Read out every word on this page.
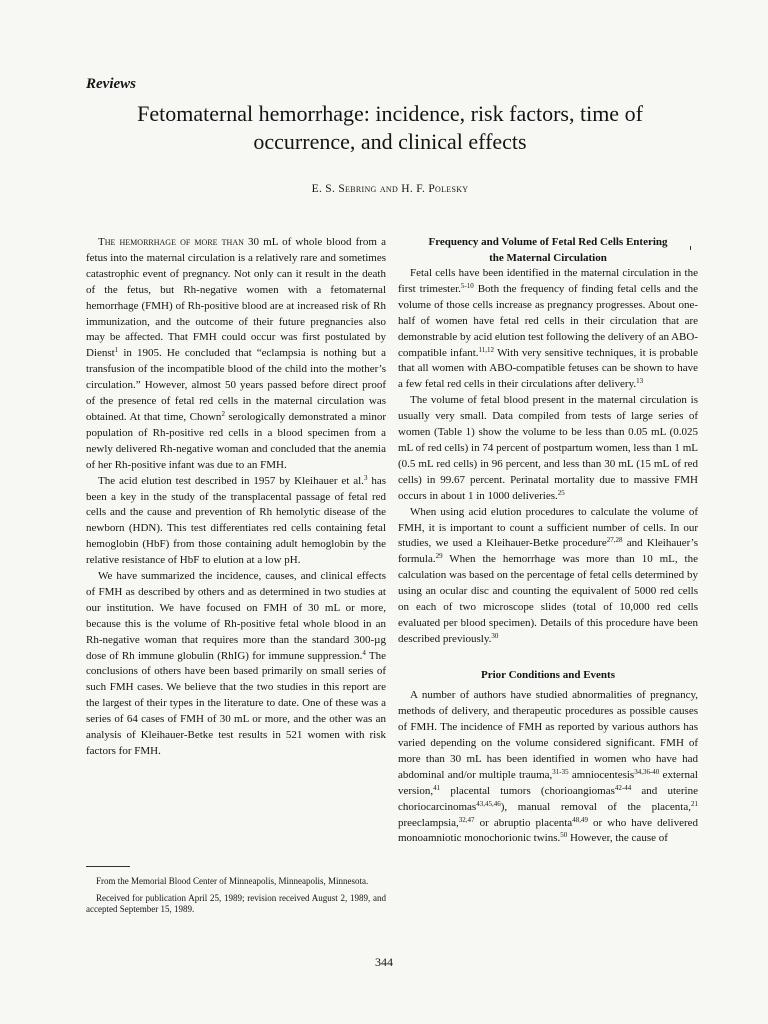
Reviews
Fetomaternal hemorrhage: incidence, risk factors, time of
occurrence, and clinical effects
E. S. Sebring and H. F. Polesky

The hemorrhage of more than 30 mL of whole blood from a fetus into the maternal circulation is a relatively rare and sometimes catastrophic event of pregnancy. Not only can it result in the death of the fetus, but Rh-negative women with a fetomaternal hemorrhage (FMH) of Rh-positive blood are at increased risk of Rh immunization, and the outcome of their future pregnancies also may be affected. That FMH could occur was first postulated by Dienst$^1$ in 1905. He concluded that “eclampsia is nothing but a transfusion of the incompatible blood of the child into the mother’s circulation.” However, almost 50 years passed before direct proof of the presence of fetal red cells in the maternal circulation was obtained. At that time, Chown$^2$ serologically demonstrated a minor population of Rh-positive red cells in a blood specimen from a newly delivered Rh-negative woman and concluded that the anemia of her Rh-positive infant was due to an FMH.

The acid elution test described in 1957 by Kleihauer et al.$^3$ has been a key in the study of the transplacental passage of fetal red cells and the cause and prevention of Rh hemolytic disease of the newborn (HDN). This test differentiates red cells containing fetal hemoglobin (HbF) from those containing adult hemoglobin by the relative resistance of HbF to elution at a low pH.

We have summarized the incidence, causes, and clinical effects of FMH as described by others and as determined in two studies at our institution. We have focused on FMH of 30 mL or more, because this is the volume of Rh-positive fetal whole blood in an Rh-negative woman that requires more than the standard 300-µg dose of Rh immune globulin (RhIG) for immune suppression.$^4$ The conclusions of others have been based primarily on small series of such FMH cases. We believe that the two studies in this report are the largest of their types in the literature to date. One of these was a series of 64 cases of FMH of 30 mL or more, and the other was an analysis of Kleihauer-Betke test results in 521 women with risk factors for FMH.

From the Memorial Blood Center of Minneapolis, Minneapolis, Minnesota.

Received for publication April 25, 1989; revision received August 2, 1989, and accepted September 15, 1989.

Frequency and Volume of Fetal Red Cells Entering
the Maternal Circulation

Fetal cells have been identified in the maternal circulation in the first trimester.$^{5-10}$ Both the frequency of finding fetal cells and the volume of those cells increase as pregnancy progresses. About one-half of women have fetal red cells in their circulation that are demonstrable by acid elution test following the delivery of an ABO-compatible infant.$^{11,12}$ With very sensitive techniques, it is probable that all women with ABO-compatible fetuses can be shown to have a few fetal red cells in their circulations after delivery.$^{13}$

The volume of fetal blood present in the maternal circulation is usually very small. Data compiled from tests of large series of women (Table 1) show the volume to be less than 0.05 mL (0.025 mL of red cells) in 74 percent of postpartum women, less than 1 mL (0.5 mL red cells) in 96 percent, and less than 30 mL (15 mL of red cells) in 99.67 percent. Perinatal mortality due to massive FMH occurs in about 1 in 1000 deliveries.$^{25}$

When using acid elution procedures to calculate the volume of FMH, it is important to count a sufficient number of cells. In our studies, we used a Kleihauer-Betke procedure$^{27,28}$ and Kleihauer’s formula.$^{29}$ When the hemorrhage was more than 10 mL, the calculation was based on the percentage of fetal cells determined by using an ocular disc and counting the equivalent of 5000 red cells on each of two microscope slides (total of 10,000 red cells evaluated per blood specimen). Details of this procedure have been described previously.$^{30}$

Prior Conditions and Events

A number of authors have studied abnormalities of pregnancy, methods of delivery, and therapeutic procedures as possible causes of FMH. The incidence of FMH as reported by various authors has varied depending on the volume considered significant. FMH of more than 30 mL has been identified in women who have had abdominal and/or multiple trauma,$^{31-35}$ amniocentesis$^{34,36-40}$ external version,$^{41}$ placental tumors (chorioangiomas$^{42-44}$ and uterine choriocarcinomas$^{43,45,46}$), manual removal of the placenta,$^{21}$ preeclampsia,$^{32,47}$ or abruptio placenta$^{48,49}$ or who have delivered monoamniotic monochorionic twins.$^{50}$ However, the cause of

344
